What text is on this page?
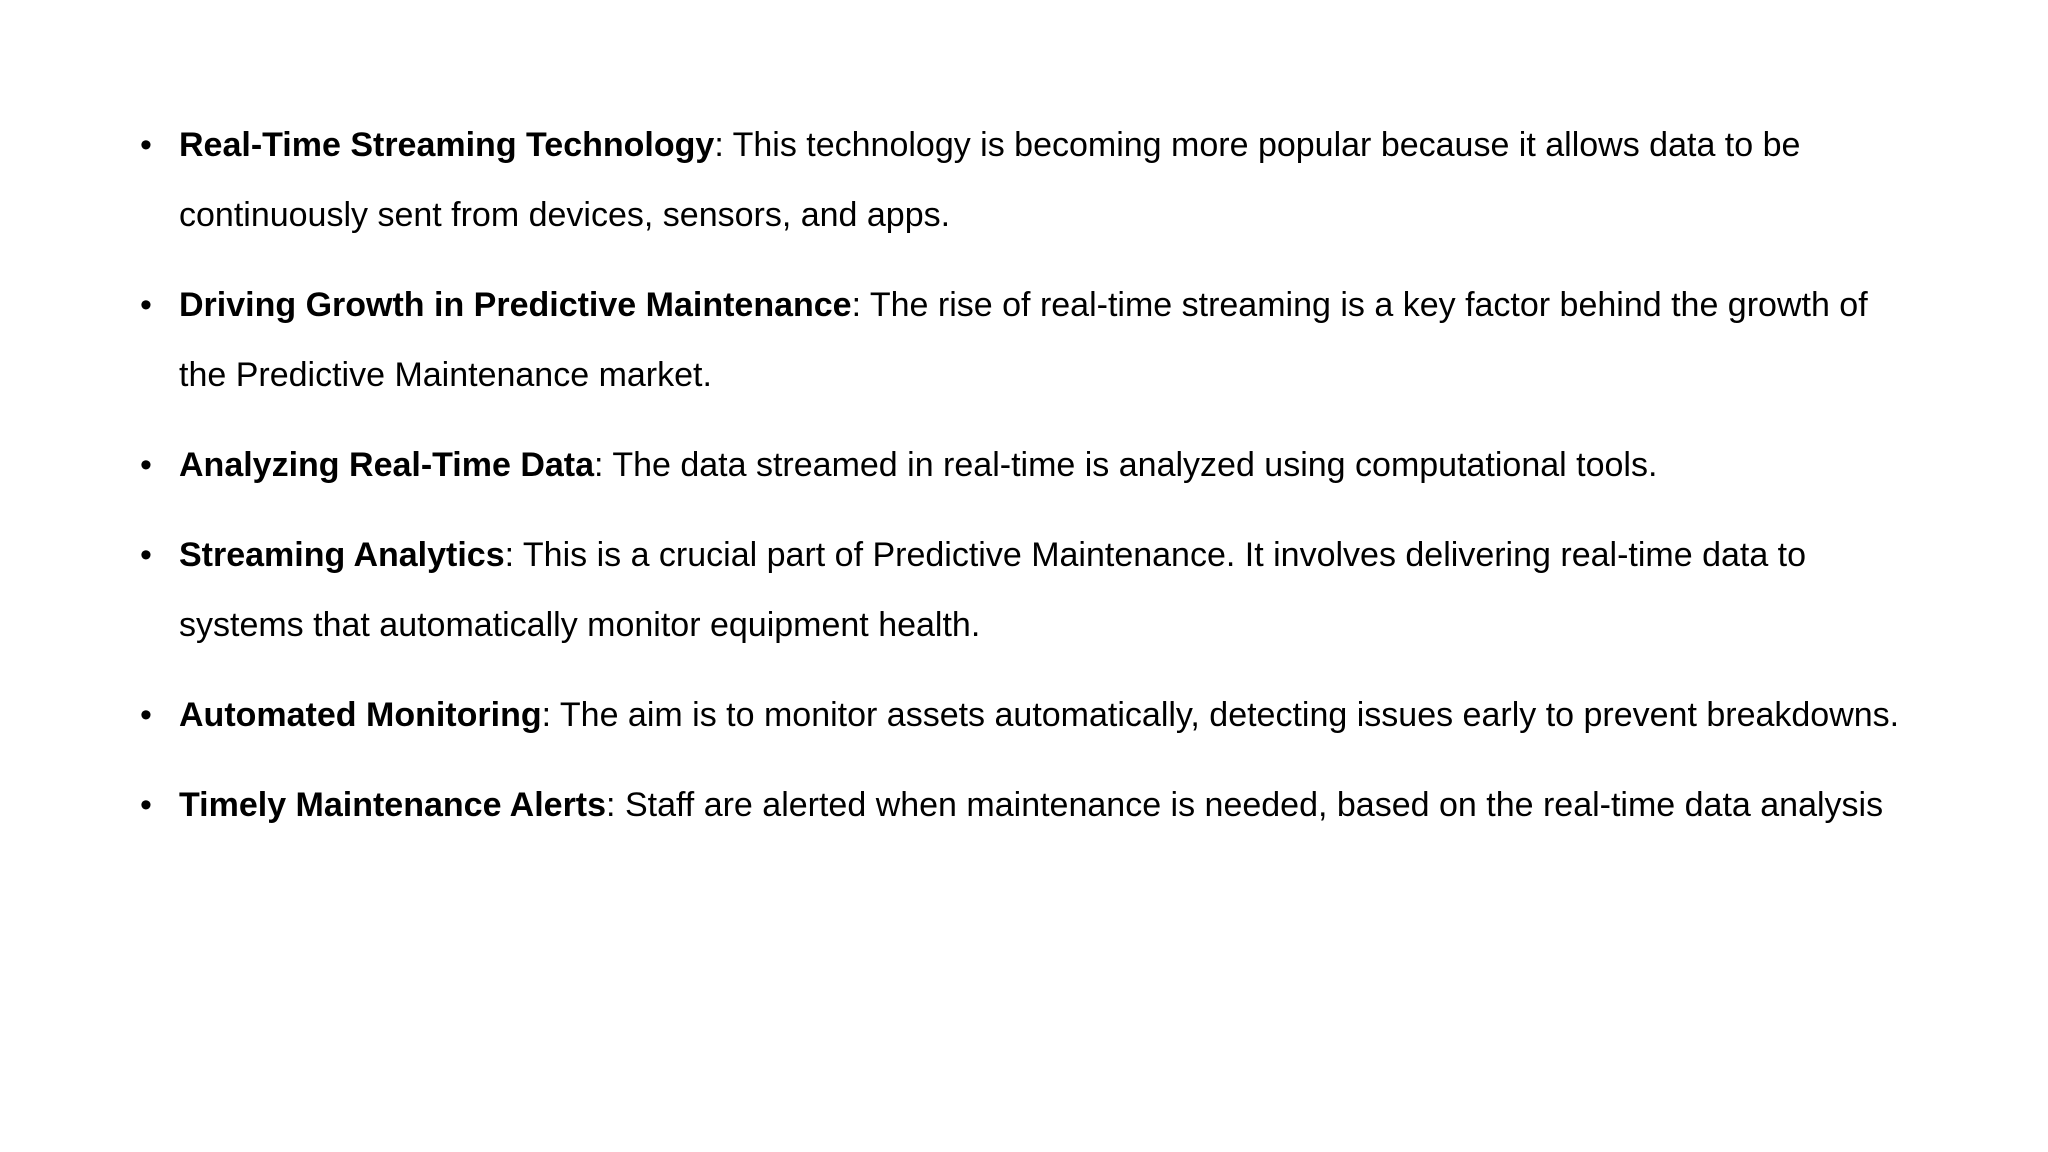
• Real-Time Streaming Technology: This technology is becoming more popular because it allows data to be continuously sent from devices, sensors, and apps.
• Driving Growth in Predictive Maintenance: The rise of real-time streaming is a key factor behind the growth of the Predictive Maintenance market.
• Analyzing Real-Time Data: The data streamed in real-time is analyzed using computational tools.
• Streaming Analytics: This is a crucial part of Predictive Maintenance. It involves delivering real-time data to systems that automatically monitor equipment health.
• Automated Monitoring: The aim is to monitor assets automatically, detecting issues early to prevent breakdowns.
• Timely Maintenance Alerts: Staff are alerted when maintenance is needed, based on the real-time data analysis
